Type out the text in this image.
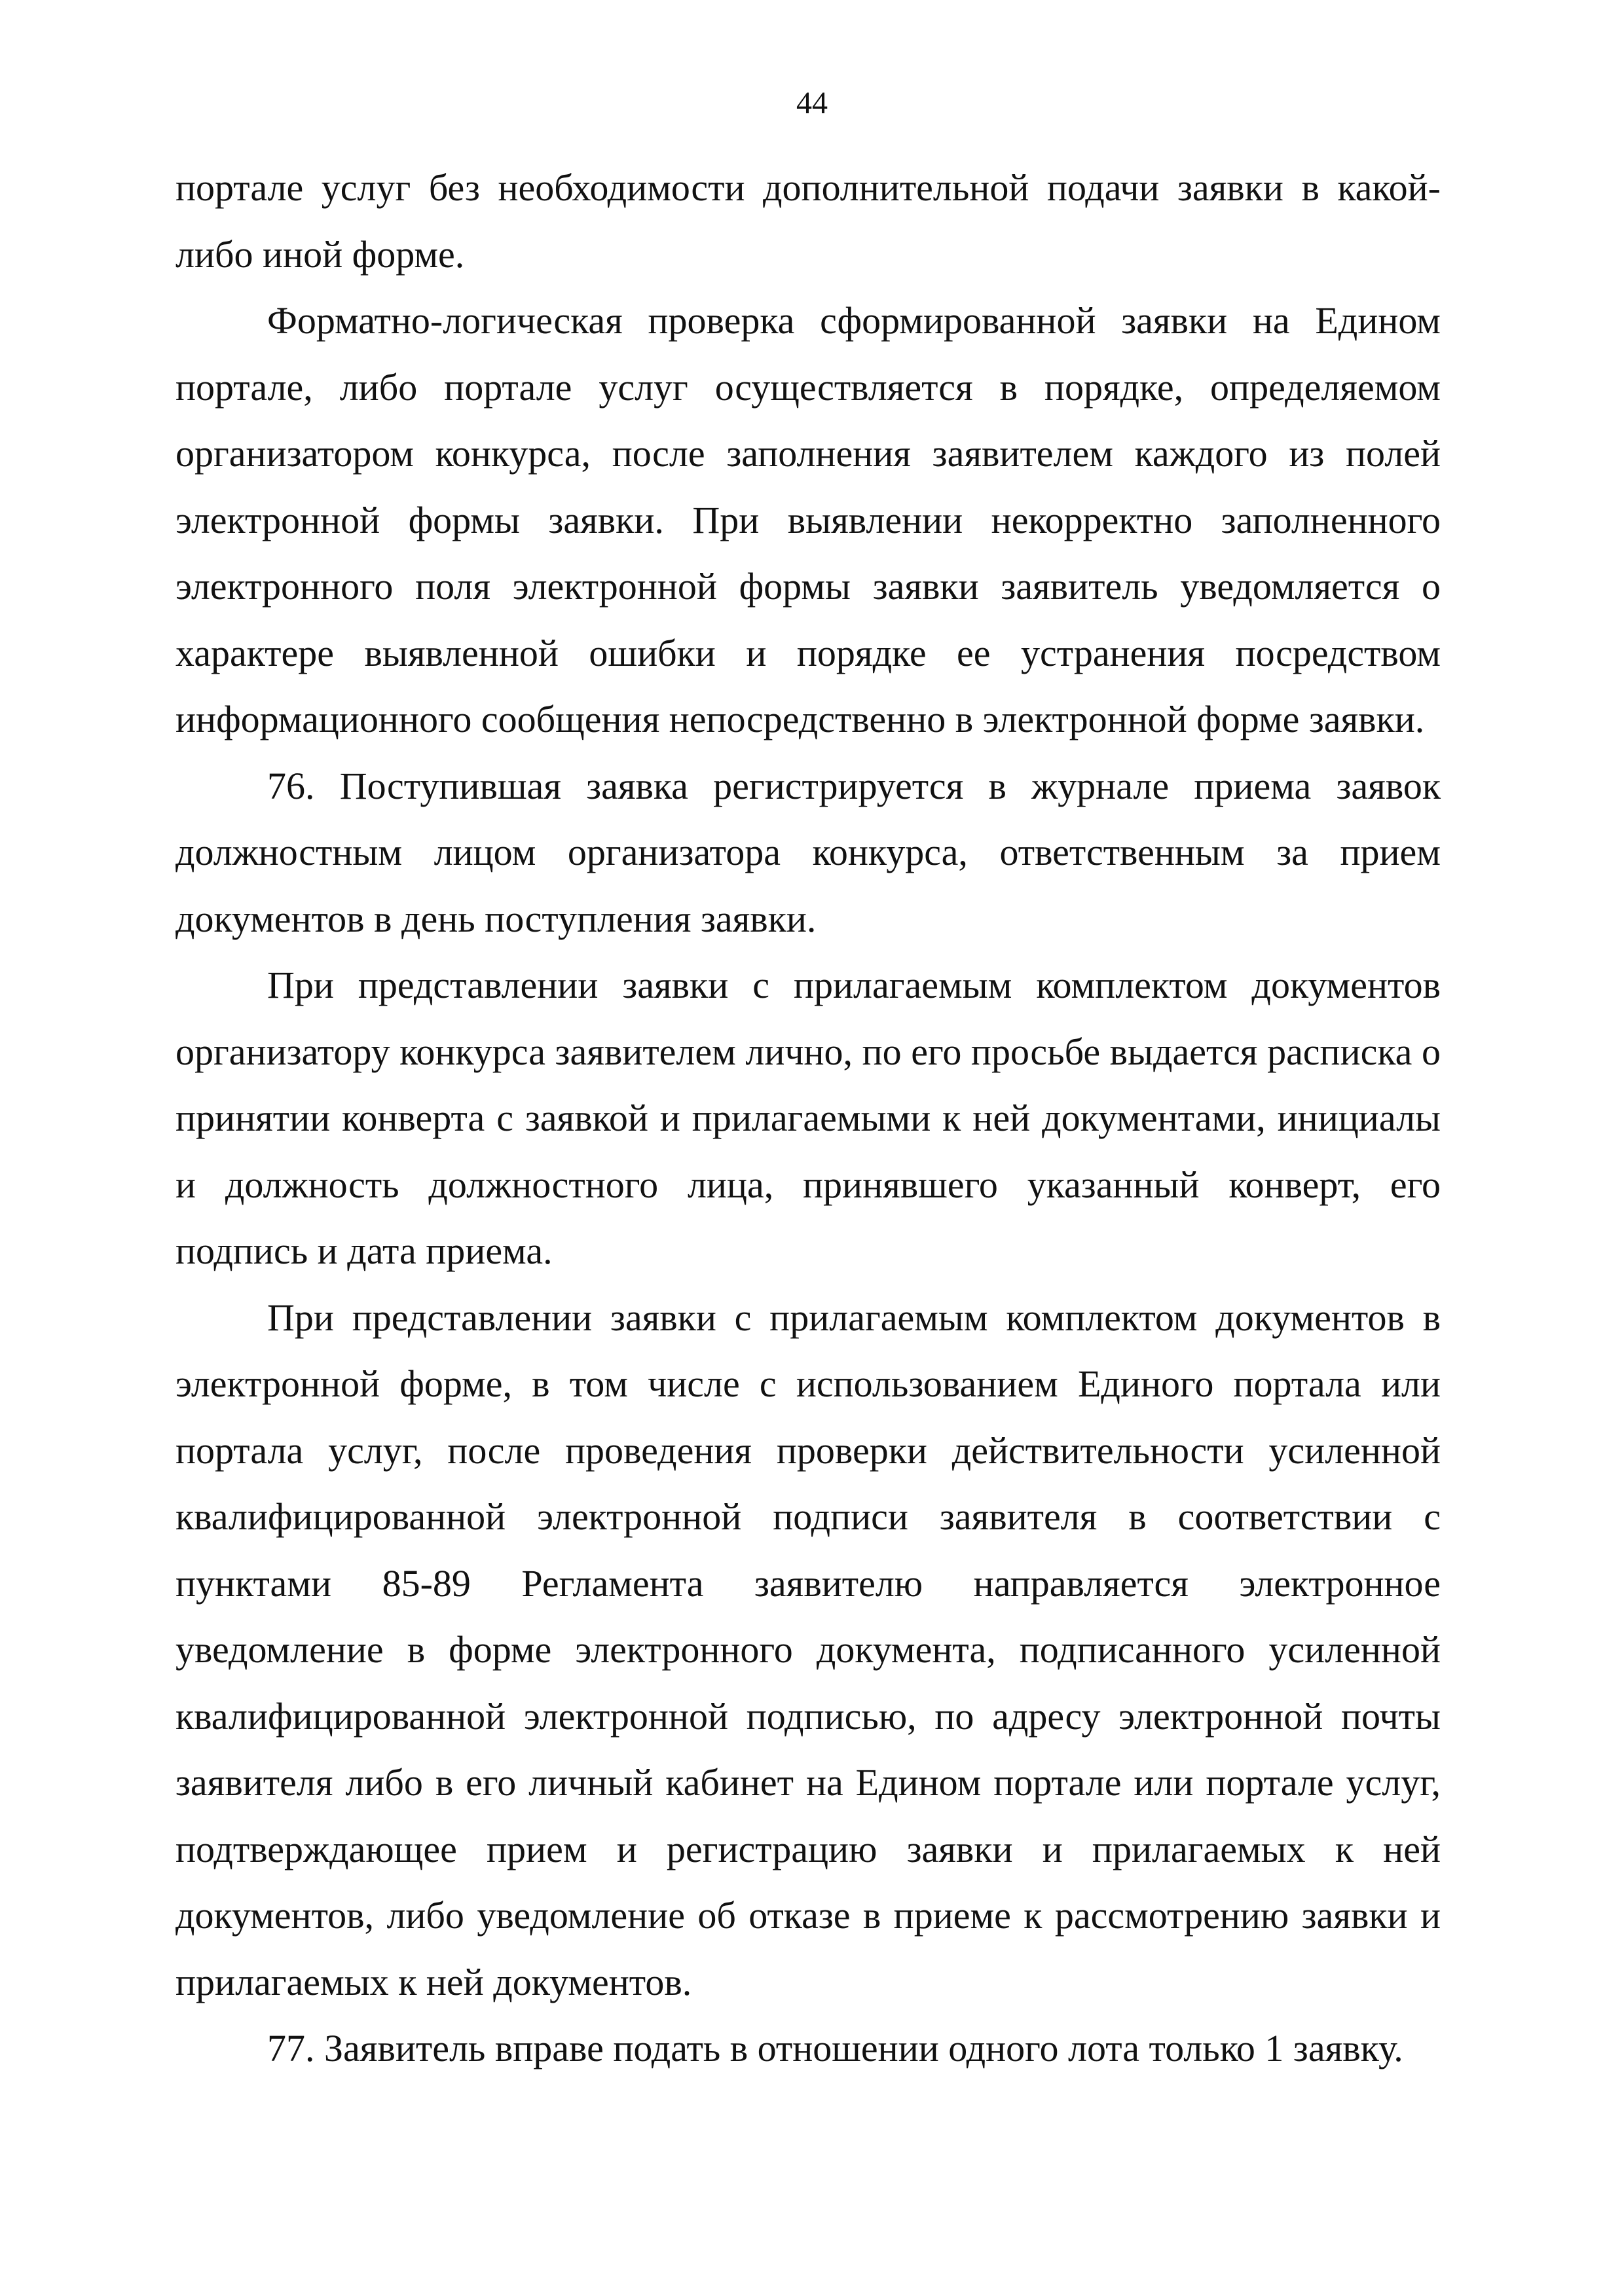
44

портале услуг без необходимости дополнительной подачи заявки в какой-либо иной форме.

Форматно-логическая проверка сформированной заявки на Едином портале, либо портале услуг осуществляется в порядке, определяемом организатором конкурса, после заполнения заявителем каждого из полей электронной формы заявки. При выявлении некорректно заполненного электронного поля электронной формы заявки заявитель уведомляется о характере выявленной ошибки и порядке ее устранения посредством информационного сообщения непосредственно в электронной форме заявки.

76. Поступившая заявка регистрируется в журнале приема заявок должностным лицом организатора конкурса, ответственным за прием документов в день поступления заявки.

При представлении заявки с прилагаемым комплектом документов организатору конкурса заявителем лично, по его просьбе выдается расписка о принятии конверта с заявкой и прилагаемыми к ней документами, инициалы и должность должностного лица, принявшего указанный конверт, его подпись и дата приема.

При представлении заявки с прилагаемым комплектом документов в электронной форме, в том числе с использованием Единого портала или портала услуг, после проведения проверки действительности усиленной квалифицированной электронной подписи заявителя в соответствии с пунктами 85-89 Регламента заявителю направляется электронное уведомление в форме электронного документа, подписанного усиленной квалифицированной электронной подписью, по адресу электронной почты заявителя либо в его личный кабинет на Едином портале или портале услуг, подтверждающее прием и регистрацию заявки и прилагаемых к ней документов, либо уведомление об отказе в приеме к рассмотрению заявки и прилагаемых к ней документов.

77. Заявитель вправе подать в отношении одного лота только 1 заявку.
